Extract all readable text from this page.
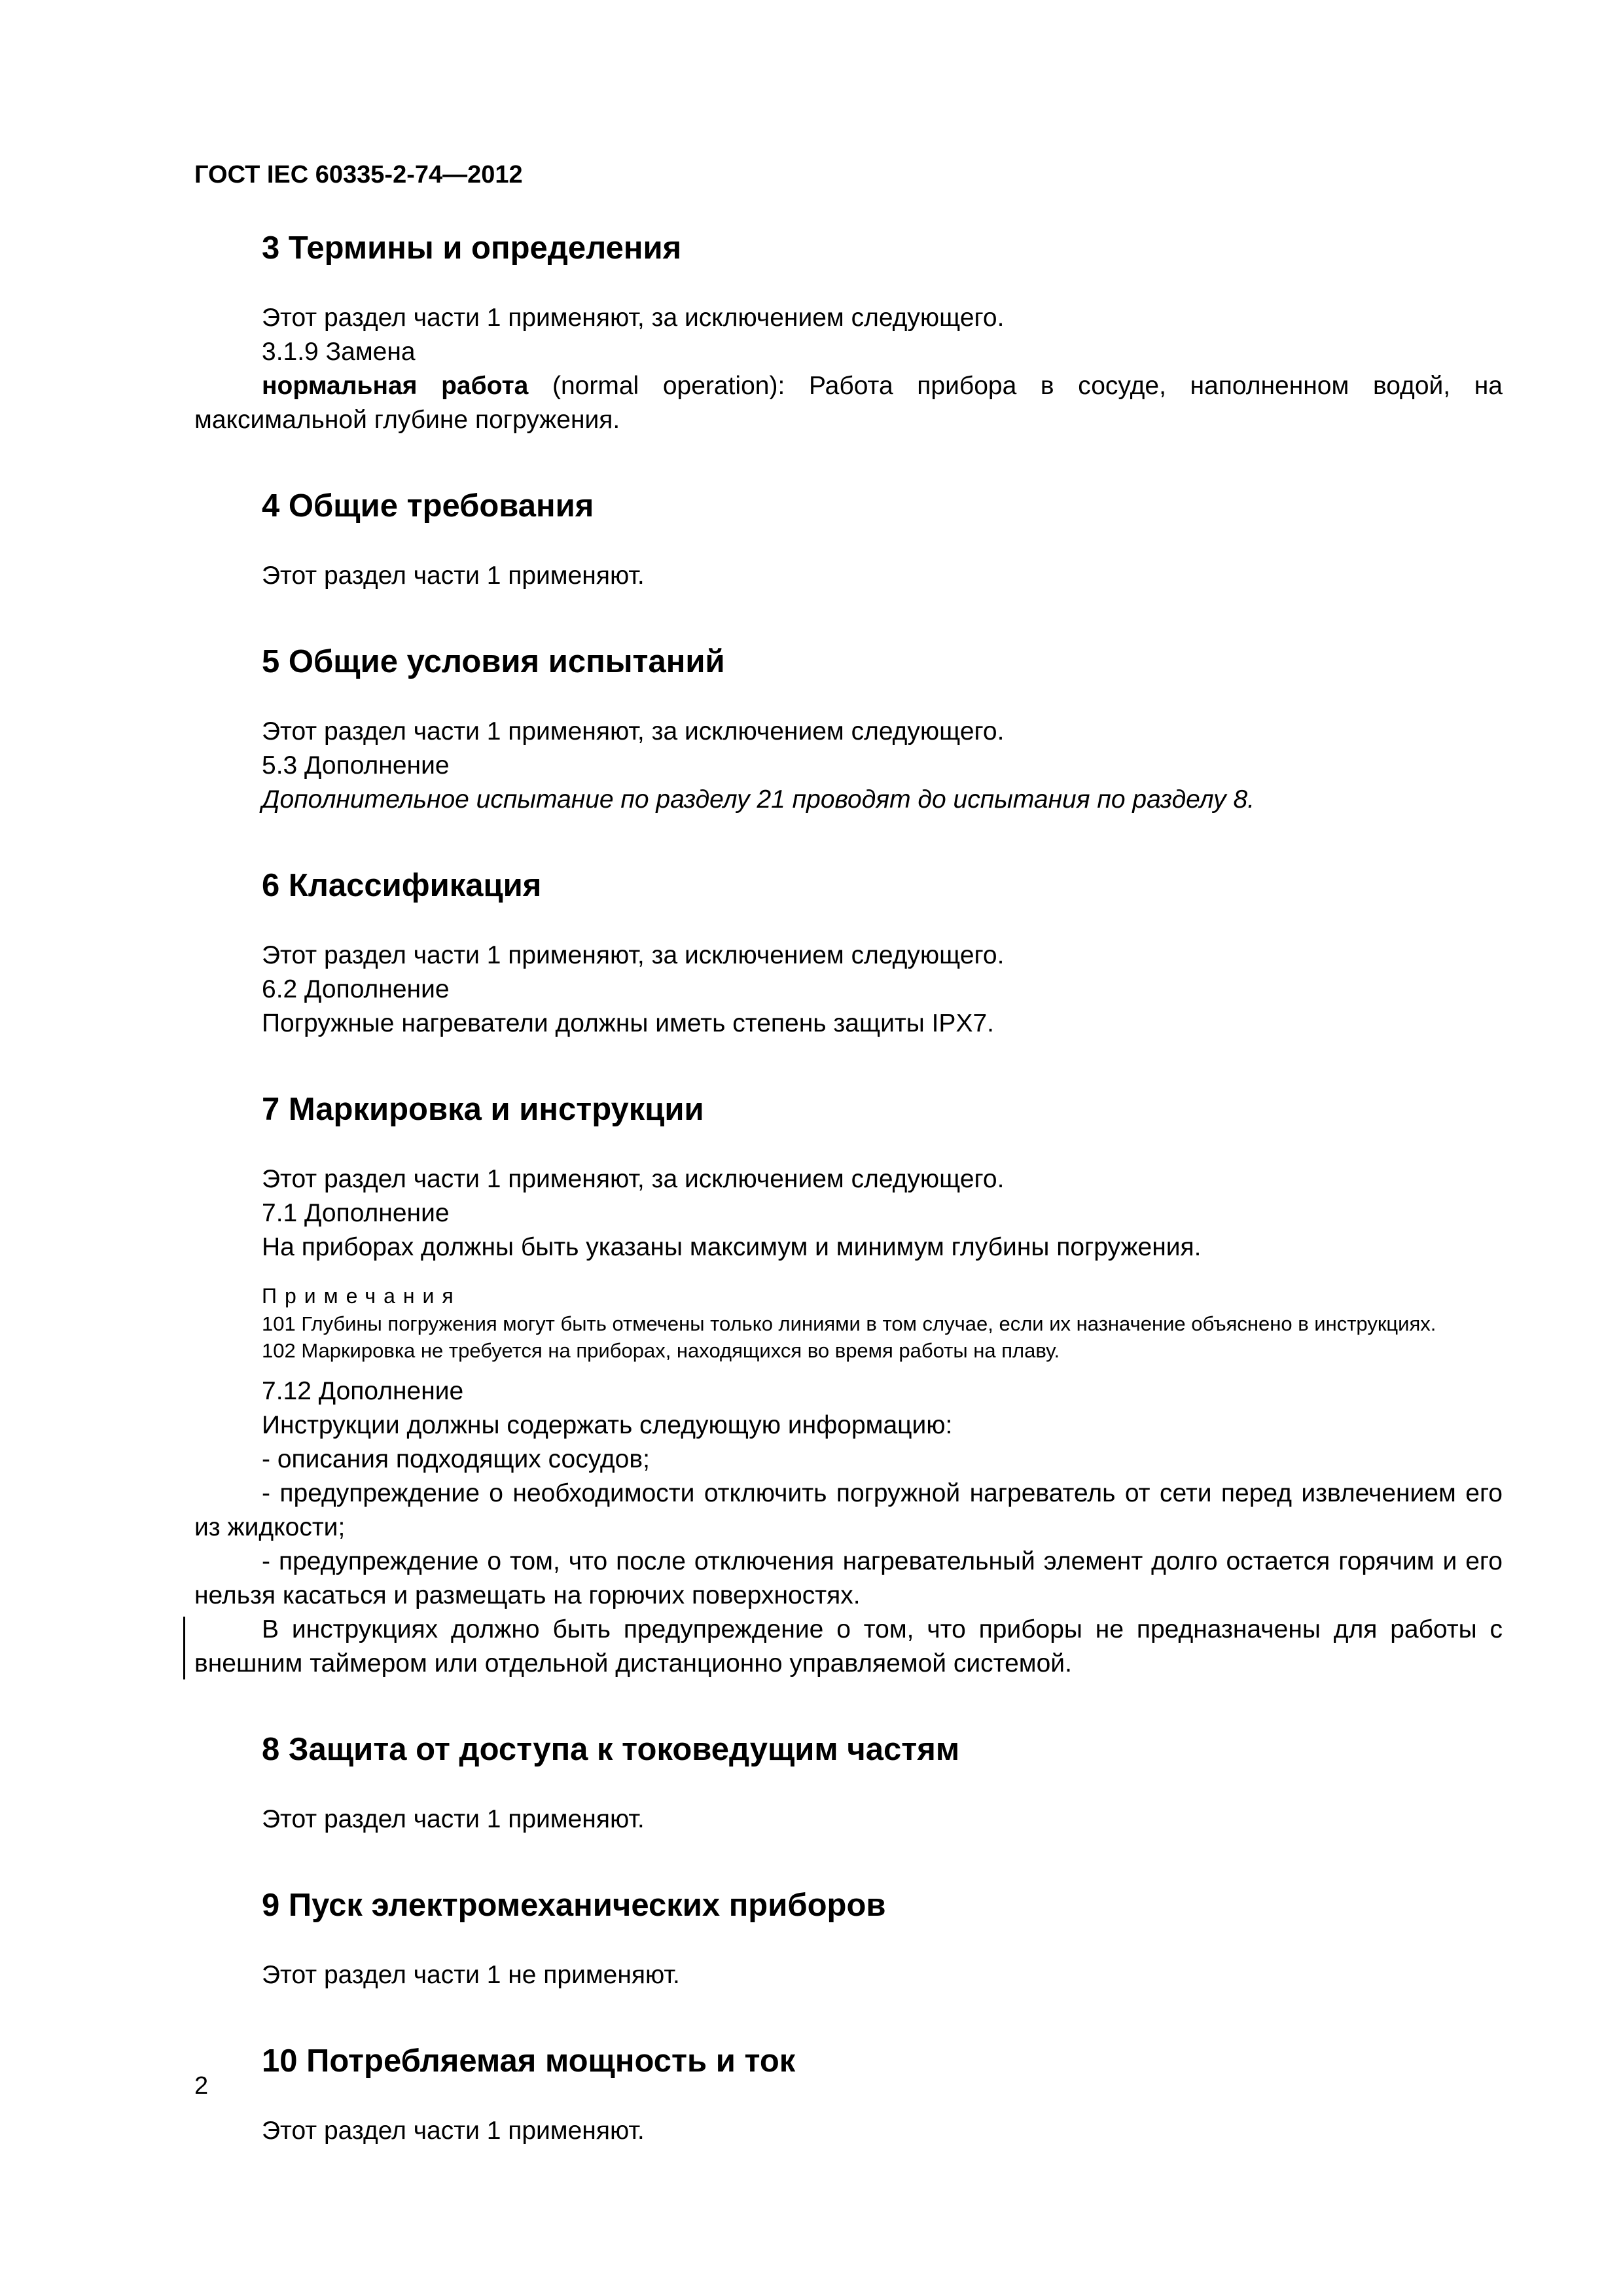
ГОСТ IEC 60335-2-74—2012
3 Термины и определения

Этот раздел части 1 применяют, за исключением следующего.

3.1.9 Замена

нормальная работа (normal operation): Работа прибора в сосуде, наполненном водой, на максимальной глубине погружения.

4 Общие требования

Этот раздел части 1 применяют.

5 Общие условия испытаний

Этот раздел части 1 применяют, за исключением следующего.

5.3 Дополнение

Дополнительное испытание по разделу 21 проводят до испытания по разделу 8.

6 Классификация

Этот раздел части 1 применяют, за исключением следующего.

6.2 Дополнение

Погружные нагреватели должны иметь степень защиты IPX7.

7 Маркировка и инструкции

Этот раздел части 1 применяют, за исключением следующего.

7.1 Дополнение

На приборах должны быть указаны максимум и минимум глубины погружения.

Примечания

101 Глубины погружения могут быть отмечены только линиями в том случае, если их назначение объяснено в инструкциях.

102 Маркировка не требуется на приборах, находящихся во время работы на плаву.

7.12 Дополнение

Инструкции должны содержать следующую информацию:

- описания подходящих сосудов;

- предупреждение о необходимости отключить погружной нагреватель от сети перед извлечением его из жидкости;

- предупреждение о том, что после отключения нагревательный элемент долго остается горячим и его нельзя касаться и размещать на горючих поверхностях.

В инструкциях должно быть предупреждение о том, что приборы не предназначены для работы с внешним таймером или отдельной дистанционно управляемой системой.

8 Защита от доступа к токоведущим частям

Этот раздел части 1 применяют.

9 Пуск электромеханических приборов

Этот раздел части 1 не применяют.

10 Потребляемая мощность и ток

Этот раздел части 1 применяют.

2
